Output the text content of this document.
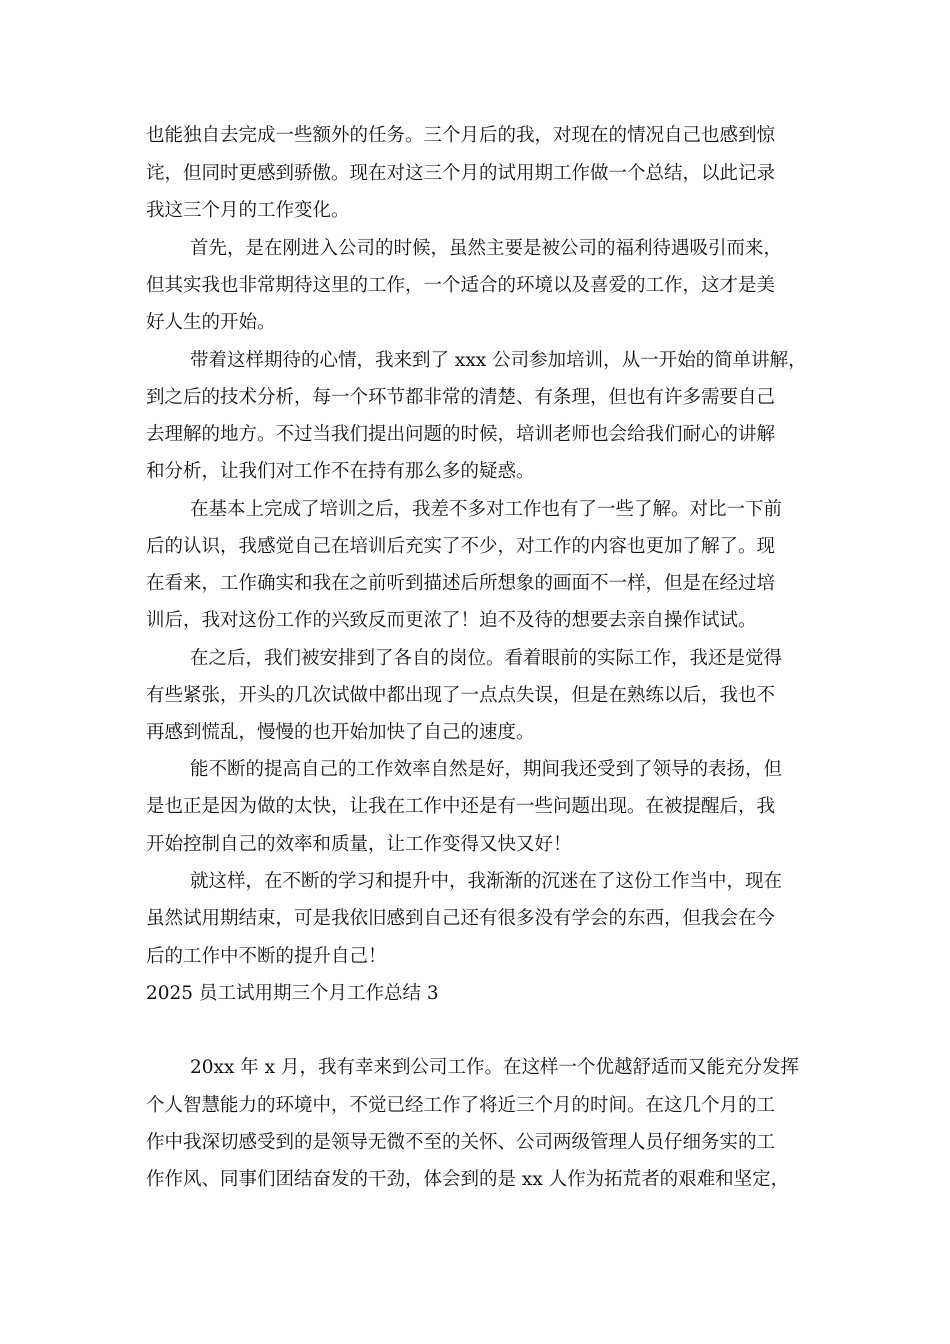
也能独自去完成一些额外的任务。三个月后的我，对现在的情况自己也感到惊
诧，但同时更感到骄傲。现在对这三个月的试用期工作做一个总结，以此记录
我这三个月的工作变化。
首先，是在刚进入公司的时候，虽然主要是被公司的福利待遇吸引而来，
但其实我也非常期待这里的工作，一个适合的环境以及喜爱的工作，这才是美
好人生的开始。
带着这样期待的心情，我来到了 xxx 公司参加培训，从一开始的简单讲解，
到之后的技术分析，每一个环节都非常的清楚、有条理，但也有许多需要自己
去理解的地方。不过当我们提出问题的时候，培训老师也会给我们耐心的讲解
和分析，让我们对工作不在持有那么多的疑惑。
在基本上完成了培训之后，我差不多对工作也有了一些了解。对比一下前
后的认识，我感觉自己在培训后充实了不少，对工作的内容也更加了解了。现
在看来，工作确实和我在之前听到描述后所想象的画面不一样，但是在经过培
训后，我对这份工作的兴致反而更浓了！迫不及待的想要去亲自操作试试。
在之后，我们被安排到了各自的岗位。看着眼前的实际工作，我还是觉得
有些紧张，开头的几次试做中都出现了一点点失误，但是在熟练以后，我也不
再感到慌乱，慢慢的也开始加快了自己的速度。
能不断的提高自己的工作效率自然是好，期间我还受到了领导的表扬，但
是也正是因为做的太快，让我在工作中还是有一些问题出现。在被提醒后，我
开始控制自己的效率和质量，让工作变得又快又好！
就这样，在不断的学习和提升中，我渐渐的沉迷在了这份工作当中，现在
虽然试用期结束，可是我依旧感到自己还有很多没有学会的东西，但我会在今
后的工作中不断的提升自己！
2025 员工试用期三个月工作总结 3
20xx 年 x 月，我有幸来到公司工作。在这样一个优越舒适而又能充分发挥
个人智慧能力的环境中，不觉已经工作了将近三个月的时间。在这几个月的工
作中我深切感受到的是领导无微不至的关怀、公司两级管理人员仔细务实的工
作作风、同事们团结奋发的干劲，体会到的是 xx 人作为拓荒者的艰难和坚定，
